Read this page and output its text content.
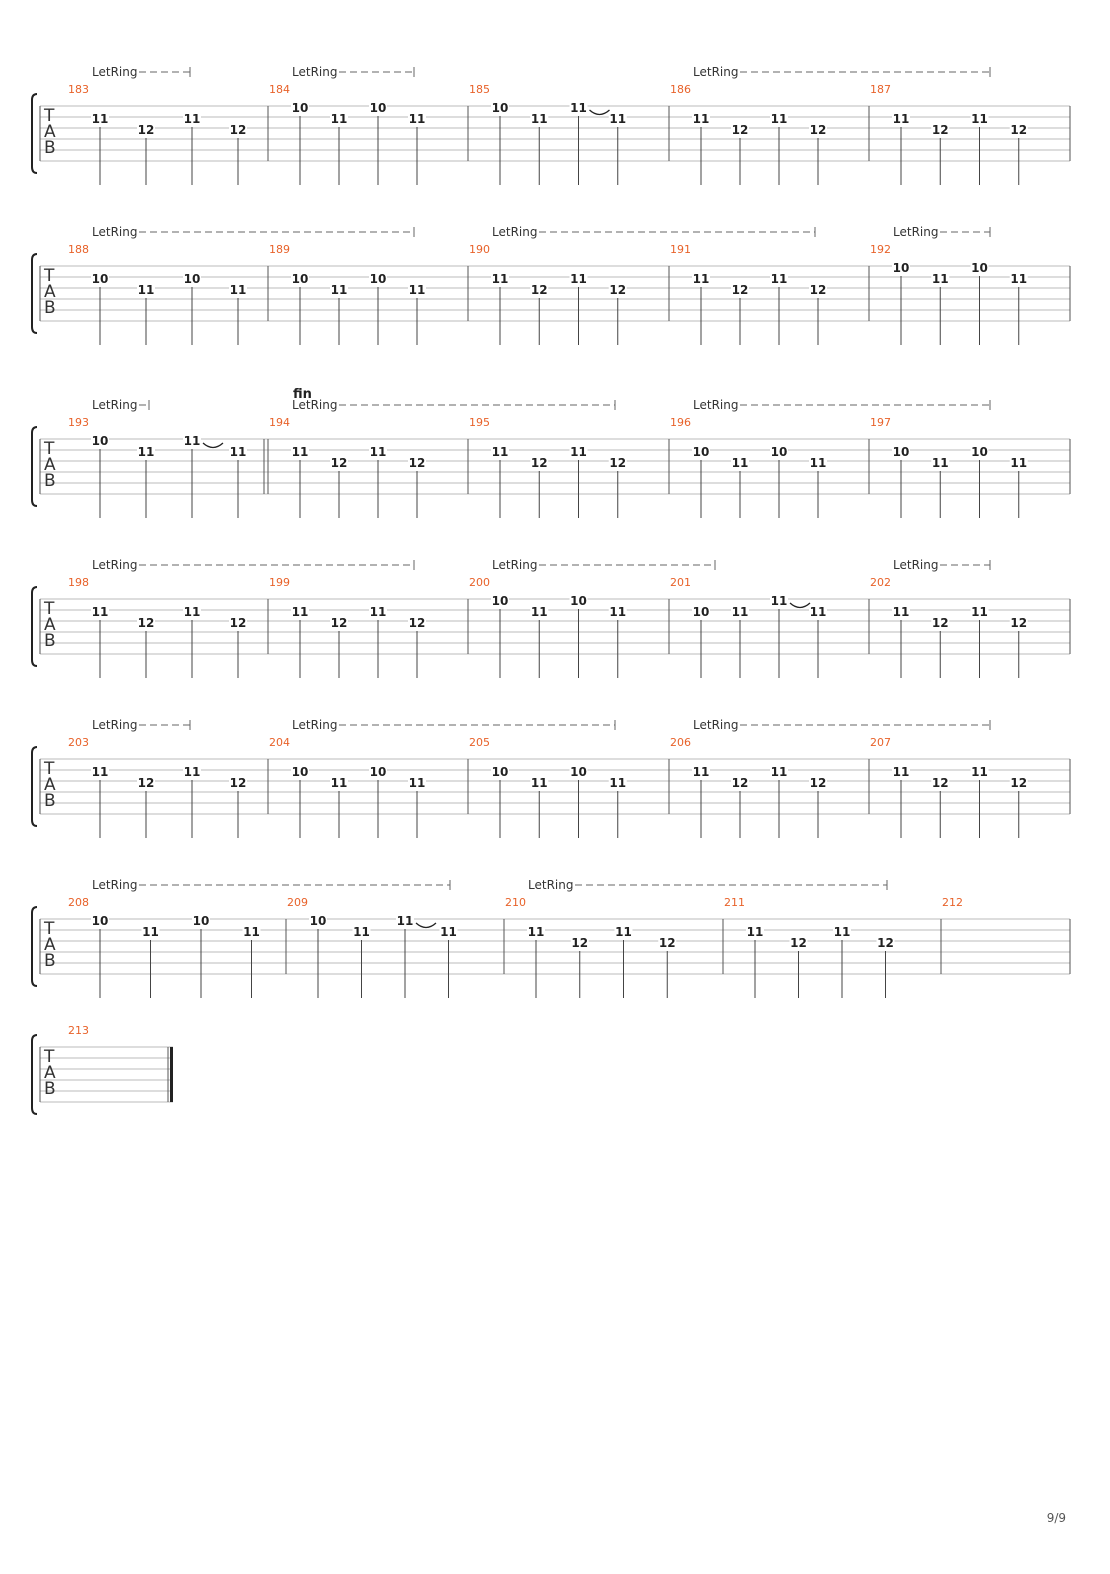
T
A
B
183
11
12
11
12
184
10
11
10
11
185
10
11
11
11
186
11
12
11
12
187
11
12
11
12
LetRing	LetRing	LetRing
T
A
B
188
10
11
10
11
189
10
11
10
11
190
11
12
11
12
191
11
12
11
12
192
10
11
10
11
LetRing	LetRing	LetRing
T
A
B
193
10
11
11
11
194
11
12
11
12
195
11
12
11
12
196
10
11
10
11
197
10
11
10
11
LetRing	LetRing	LetRing
fin
T
A
B
198
11
12
11
12
199
11
12
11
12
200
10
11
10
11
201
10 11
11
11
202
11
12
11
12
LetRing	LetRing	LetRing
T
A
B
203
11
12
11
12
204
10
11
10
11
205
10
11
10
11
206
11
12
11
12
207
11
12
11
12
LetRing	LetRing	LetRing
T
A
B
208
10
11
10
11
209
10
11
11
11
210
11
12
11
12
211
11
12
11
12
212
LetRing	LetRing
T
A
B
213
9/9
